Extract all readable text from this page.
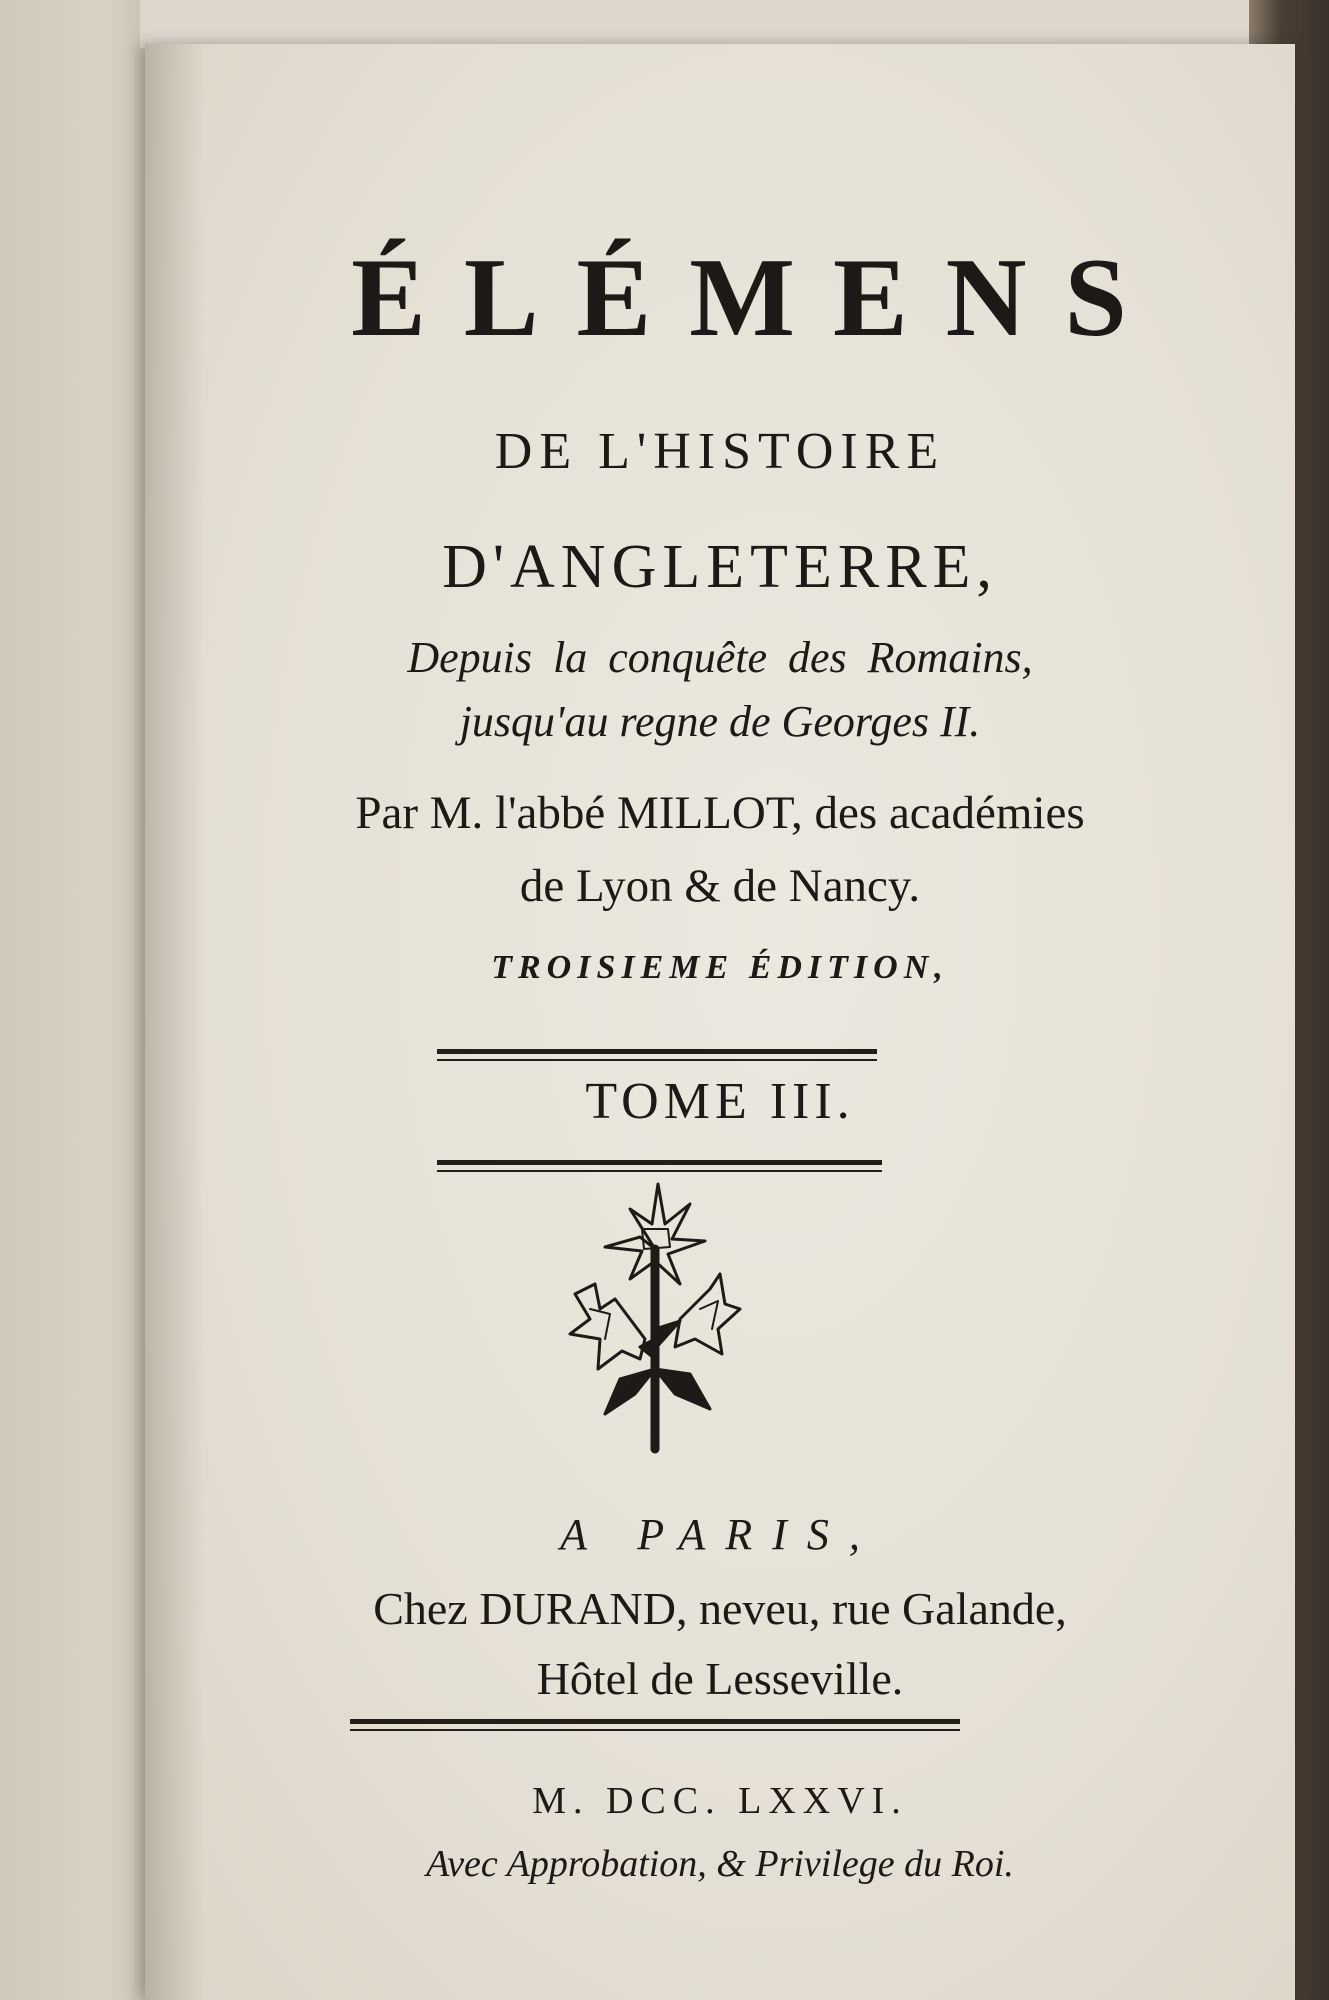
ÉLÉMENS
DE L'HISTOIRE
D'ANGLETERRE,
Depuis la conquête des Romains,
jusqu'au regne de Georges II.
Par M. l'abbé MILLOT, des académies
de Lyon & de Nancy.
TROISIEME ÉDITION,
TOME III.
A PARIS,
Chez DURAND, neveu, rue Galande,
Hôtel de Lesseville.
M. DCC. LXXVI.
Avec Approbation, & Privilege du Roi.
